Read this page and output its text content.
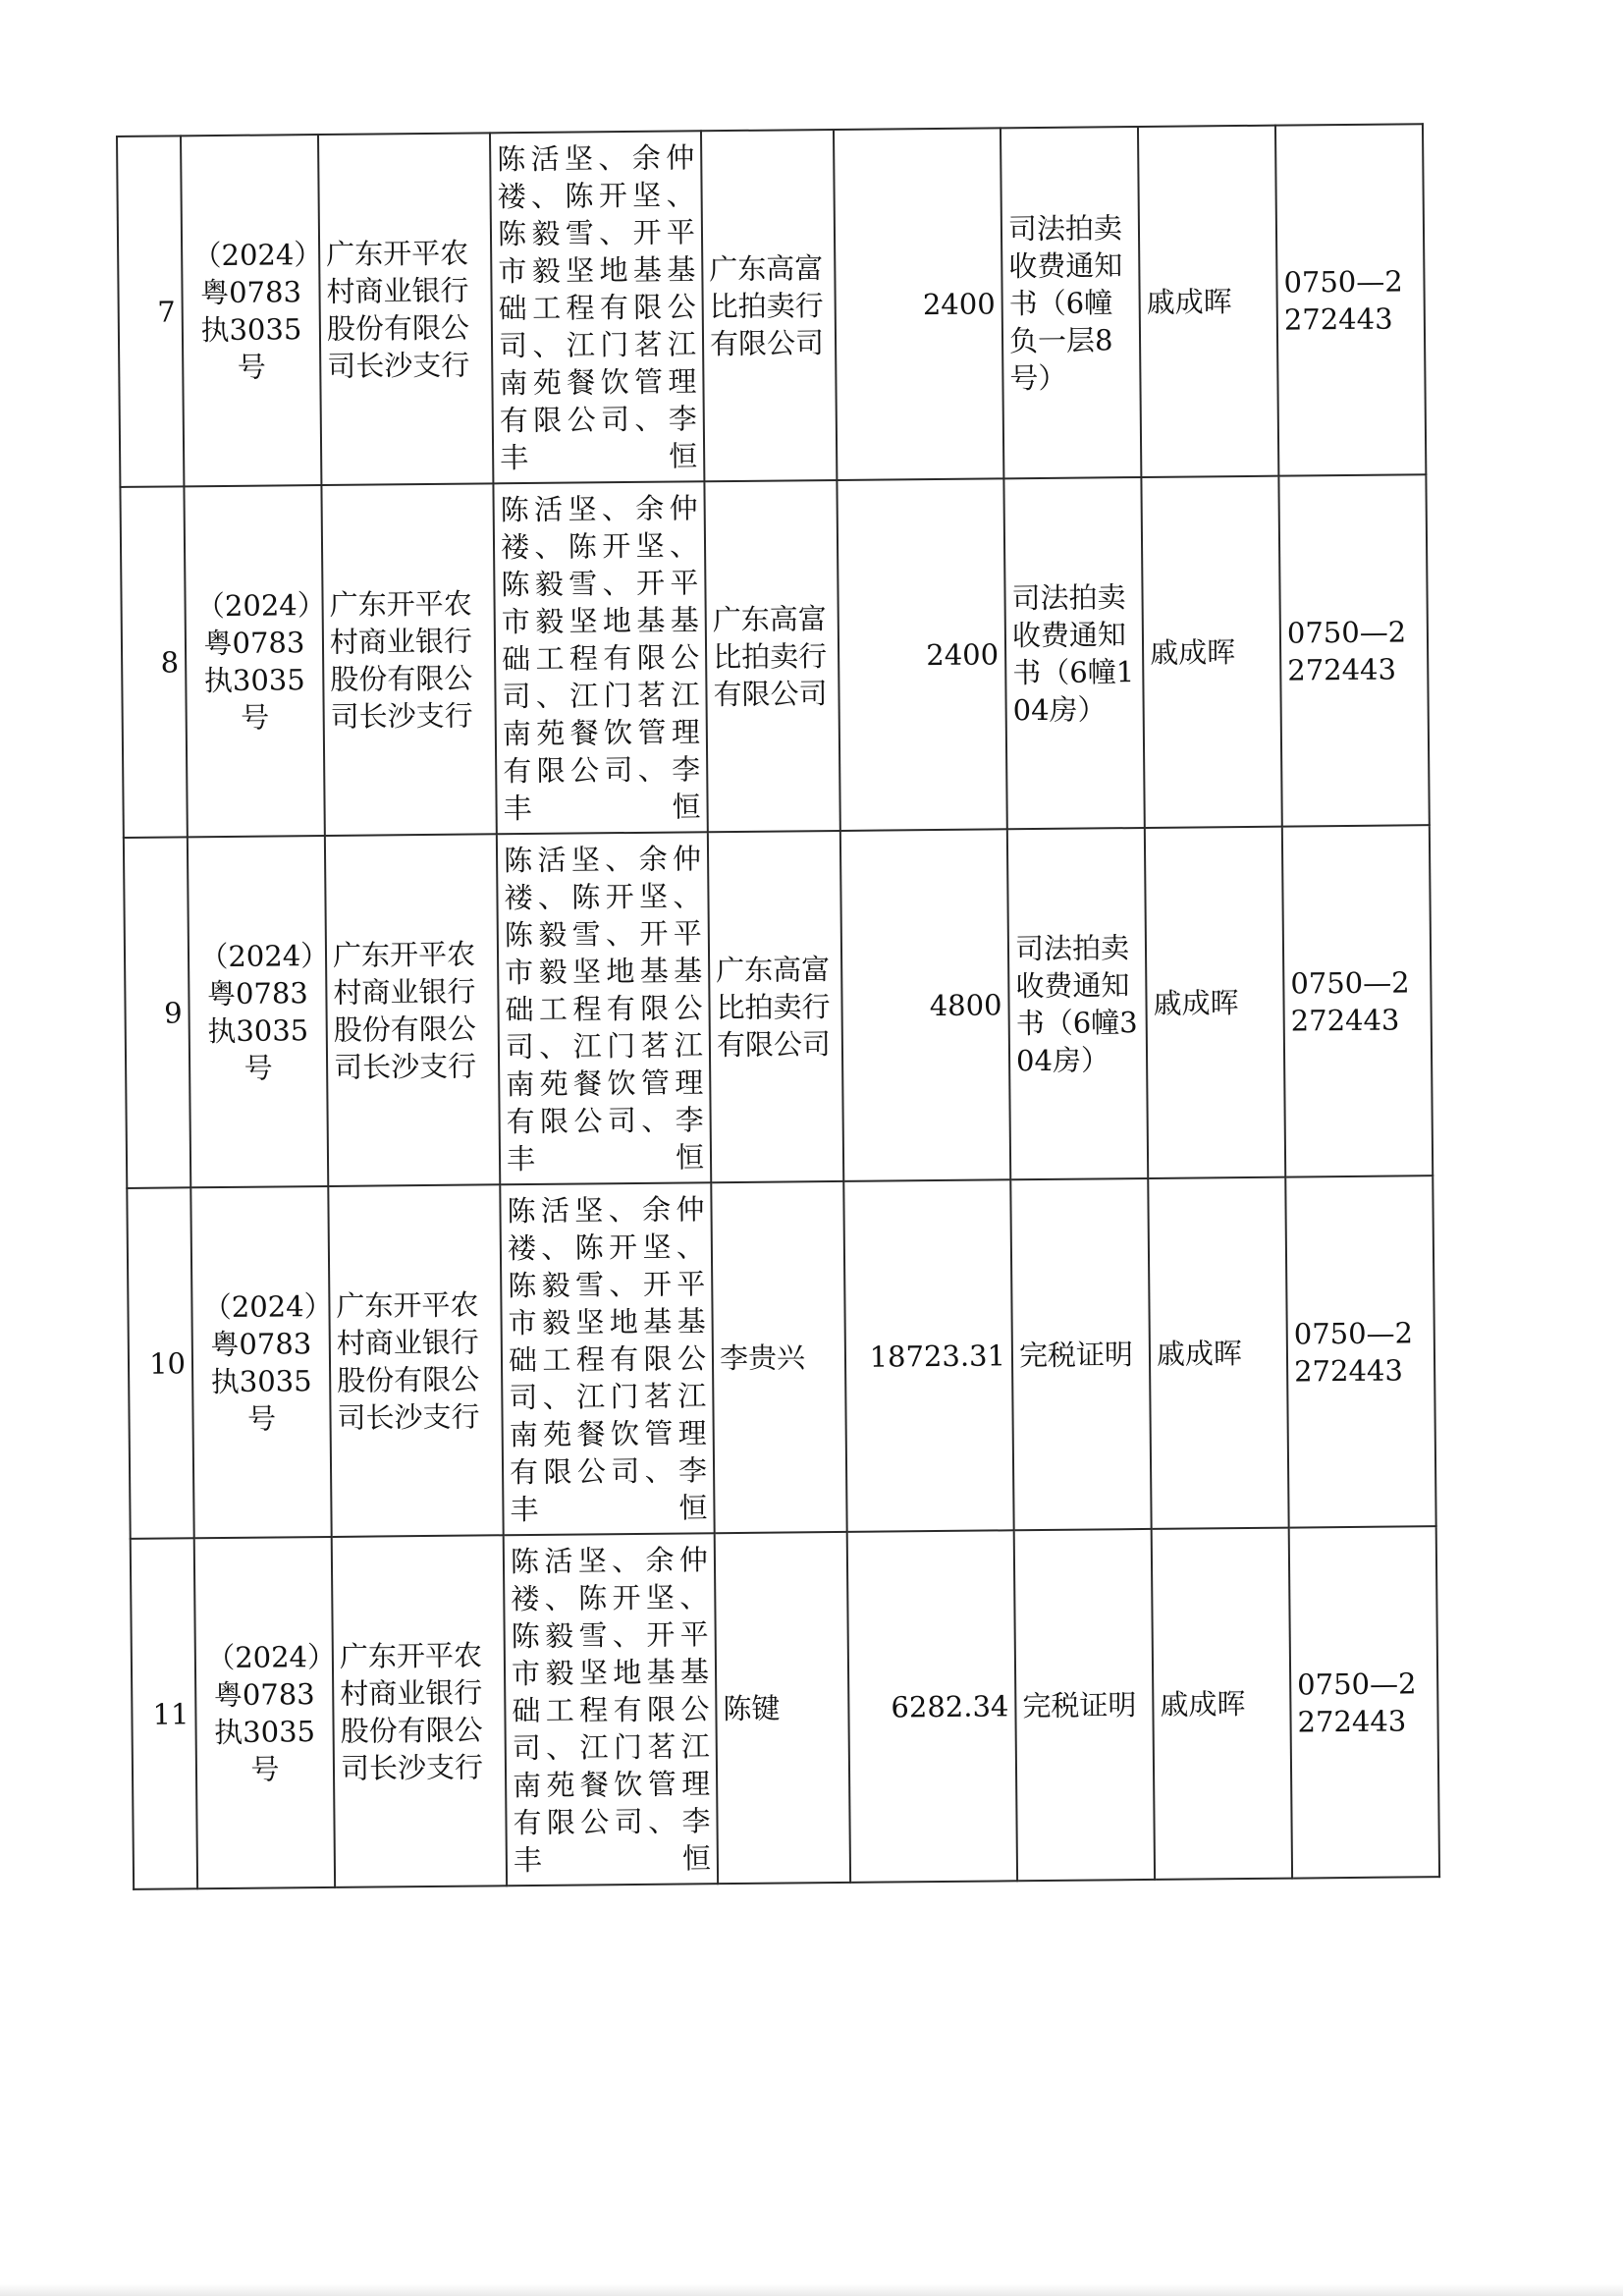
7	（2024）粤0783执3035号	广东开平农村商业银行股份有限公司长沙支行	陈活坚、余仲褛、陈开坚、陈毅雪、开平市毅坚地基基础工程有限公司、江门茗江南苑餐饮管理有限公司、李丰恒	广东高富比拍卖行有限公司	2400	司法拍卖收费通知书（6幢负一层8号）	戚成晖	0750—2272443
8	（2024）粤0783执3035号	广东开平农村商业银行股份有限公司长沙支行	陈活坚、余仲褛、陈开坚、陈毅雪、开平市毅坚地基基础工程有限公司、江门茗江南苑餐饮管理有限公司、李丰恒	广东高富比拍卖行有限公司	2400	司法拍卖收费通知书（6幢104房）	戚成晖	0750—2272443
9	（2024）粤0783执3035号	广东开平农村商业银行股份有限公司长沙支行	陈活坚、余仲褛、陈开坚、陈毅雪、开平市毅坚地基基础工程有限公司、江门茗江南苑餐饮管理有限公司、李丰恒	广东高富比拍卖行有限公司	4800	司法拍卖收费通知书（6幢304房）	戚成晖	0750—2272443
10	（2024）粤0783执3035号	广东开平农村商业银行股份有限公司长沙支行	陈活坚、余仲褛、陈开坚、陈毅雪、开平市毅坚地基基础工程有限公司、江门茗江南苑餐饮管理有限公司、李丰恒	李贵兴	18723.31	完税证明	戚成晖	0750—2272443
11	（2024）粤0783执3035号	广东开平农村商业银行股份有限公司长沙支行	陈活坚、余仲褛、陈开坚、陈毅雪、开平市毅坚地基基础工程有限公司、江门茗江南苑餐饮管理有限公司、李丰恒	陈键	6282.34	完税证明	戚成晖	0750—2272443
